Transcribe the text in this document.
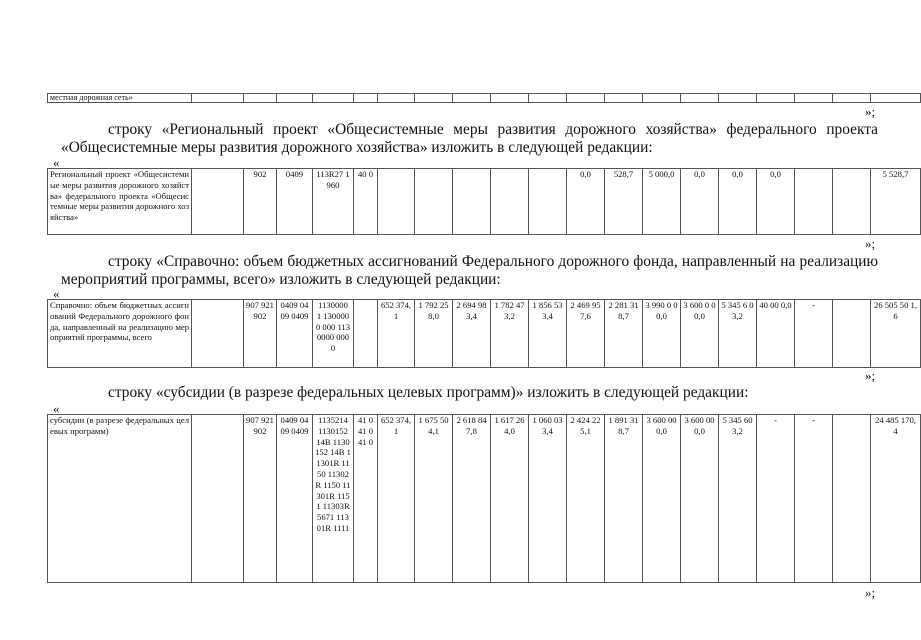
местная дорожная сеть»																			
»;
строку «Региональный проект «Общесистемные меры развития дорожного хозяйства» федерального проекта
«Общесистемные меры развития дорожного хозяйства» изложить в следующей редакции:
«
Региональный проект «Общесистемные меры развития дорожного хозяйства» федерального проекта «Общесистемные меры развития дорожного хозяйства»		902	0409	113R27 1960	40 0						0,0	528,7	5 000,0	0,0	0,0	0,0			5 528,7
»;
строку «Справочно: объем бюджетных ассигнований Федерального дорожного фонда, направленный на реализацию
мероприятий программы, всего» изложить в следующей редакции:
«
Справочно: объем бюджетных ассигнований Федерального дорожного фонда, направленный на реализацию мероприятий программы, всего		907 921 902	0409 0409 0409	1130000 1 1300000 000 1130000 0000		652 374,1	1 792 258,0	2 694 983,4	1 782 473,2	1 856 533,4	2 469 957,6	2 281 318,7	3 990 0 00,0	3 600 0 00,0	5 345 6 03,2	40 00 0,0	-		26 505 50 1,6
»;
строку «субсидии (в разрезе федеральных целевых программ)» изложить в следующей редакции:
«
субсидии (в разрезе федеральных целевых программ)		907 921 902	0409 0409 0409	1135214 1130152 14B 1130152 14B 11301R 1150 11302R 1150 11301R 1151 11303R 5671 11301R 1111	41 0 41 0 41 0	652 374,1	1 675 504,1	2 618 847,8	1 617 264,0	1 060 033,4	2 424 225,1	1 891 318,7	3 600 000,0	3 600 000,0	5 345 603,2	-	-		24 485 170,4
»;
